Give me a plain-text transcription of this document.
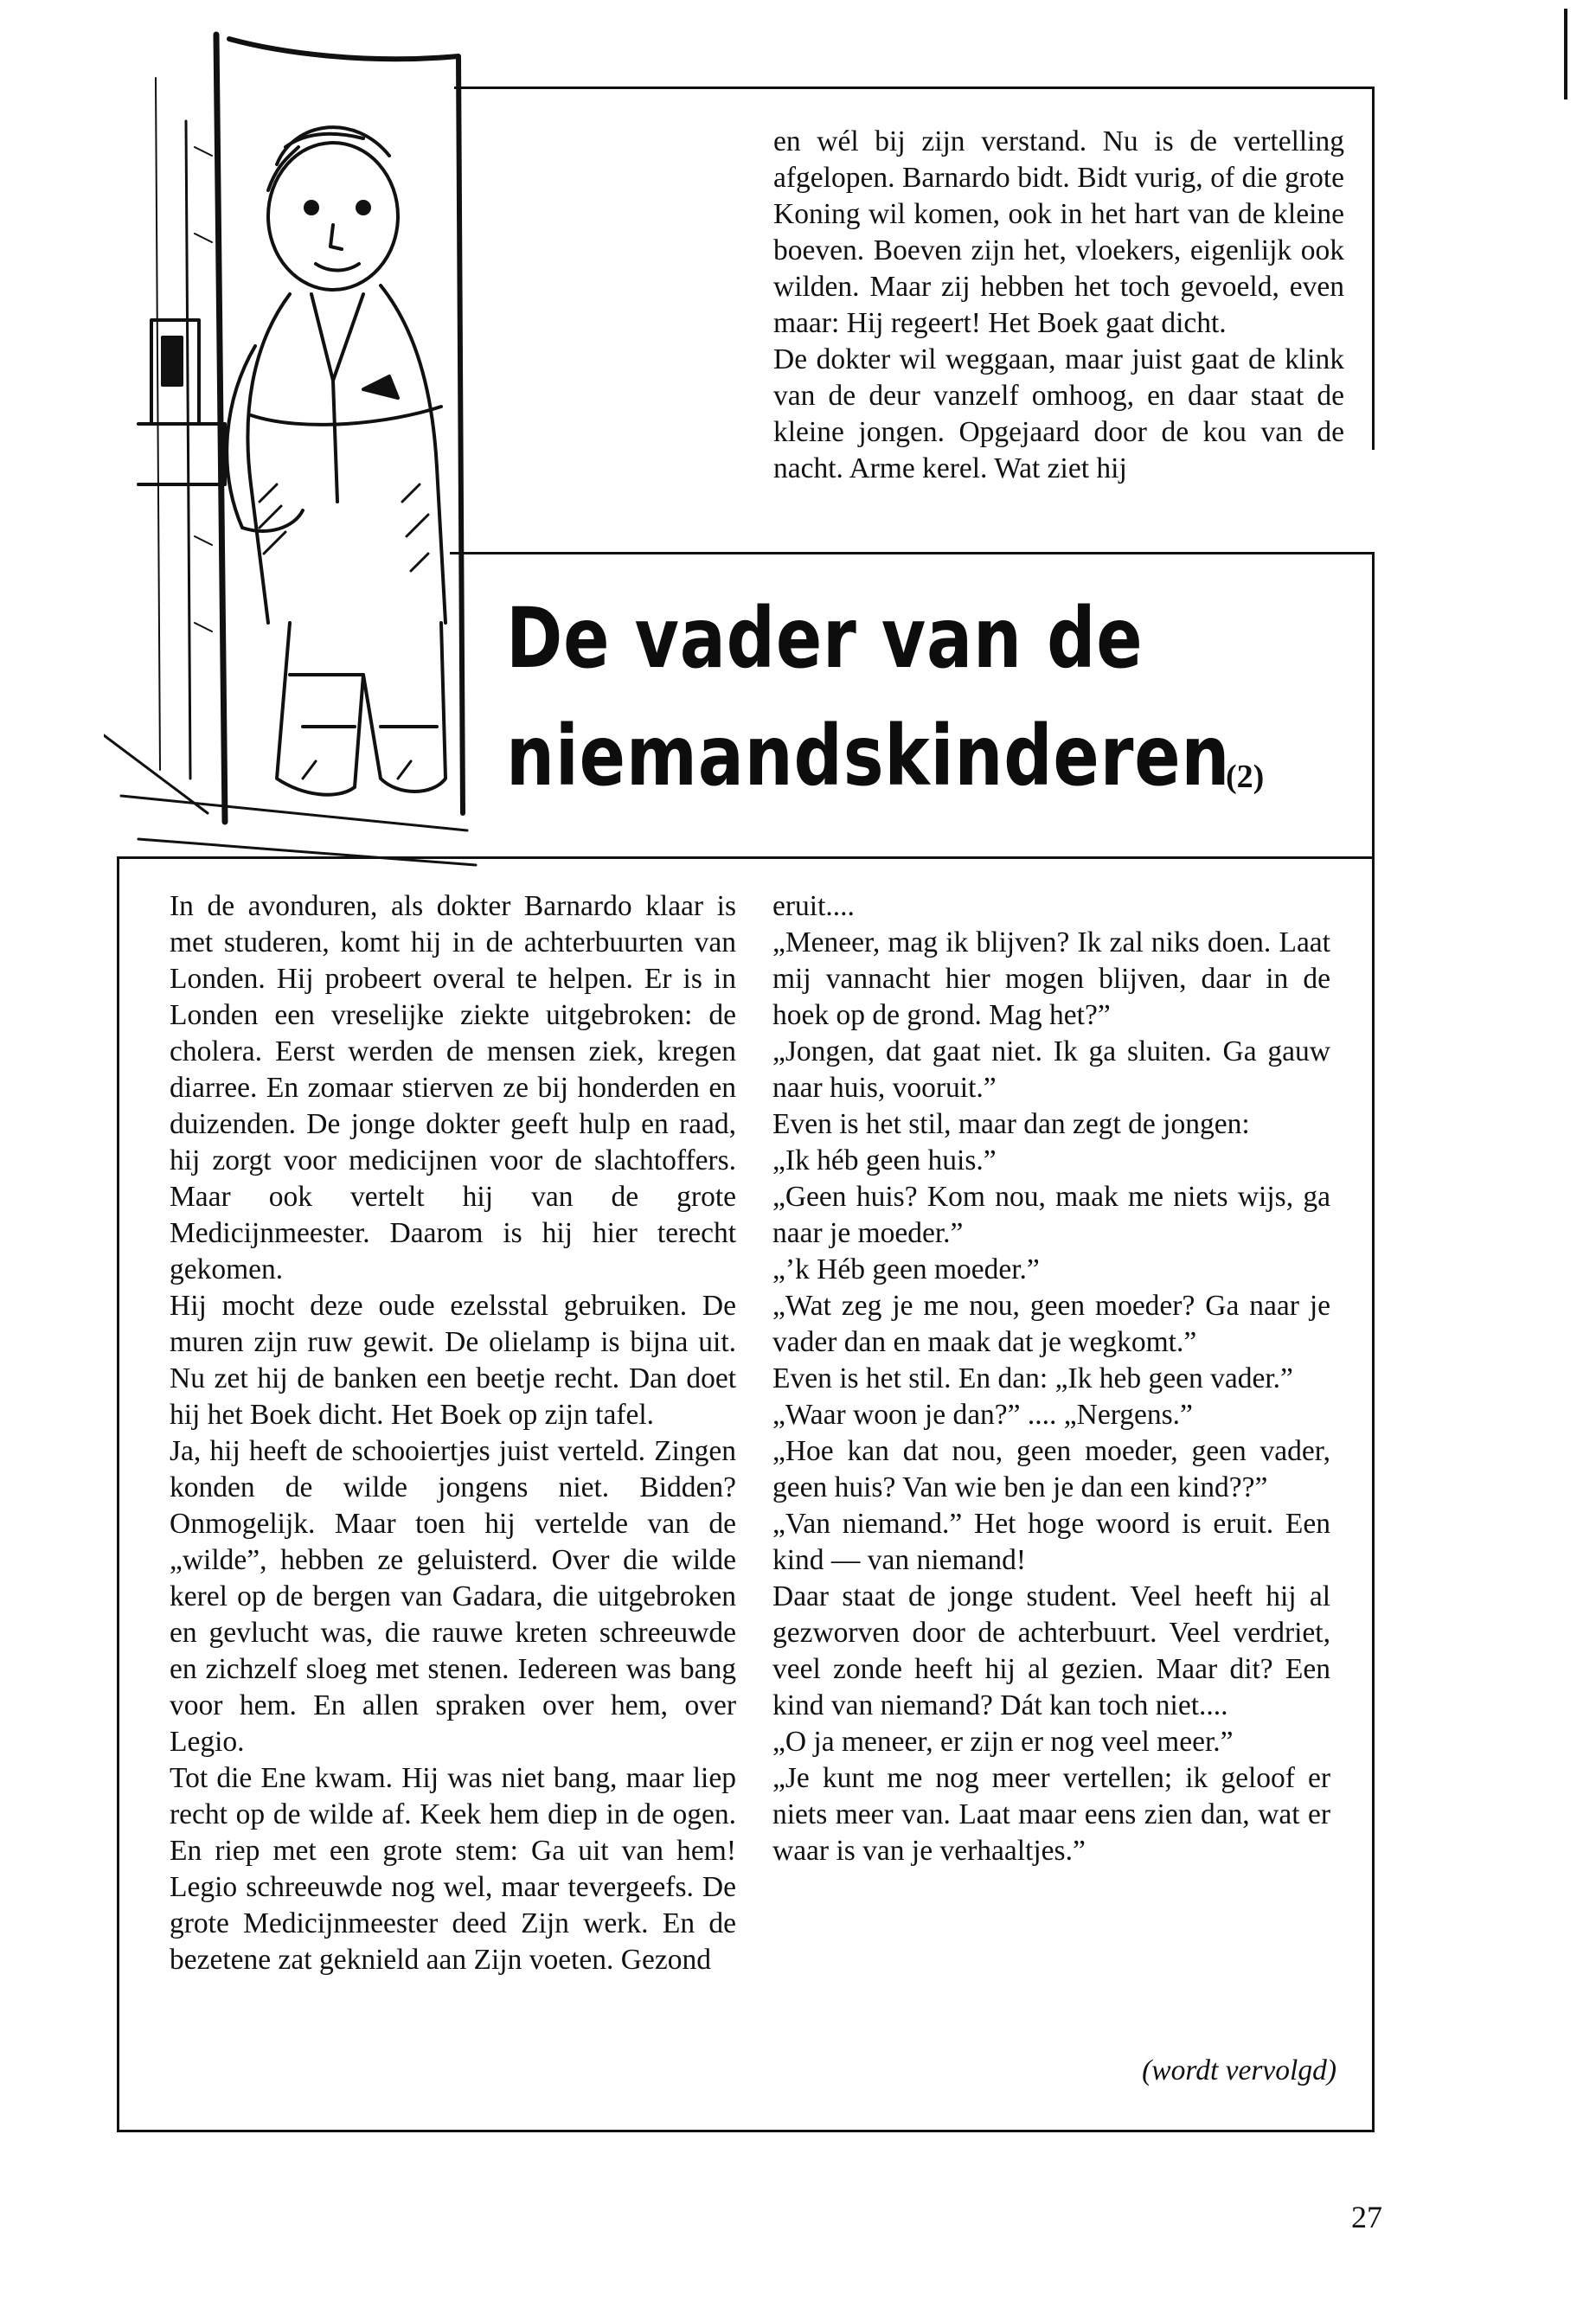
en wél bij zijn verstand. Nu is de vertelling afgelopen. Barnardo bidt. Bidt vurig, of die grote Koning wil komen, ook in het hart van de kleine boeven. Boeven zijn het, vloekers, eigenlijk ook wilden. Maar zij hebben het toch gevoeld, even maar: Hij regeert! Het Boek gaat dicht.

De dokter wil weggaan, maar juist gaat de klink van de deur vanzelf omhoog, en daar staat de kleine jongen. Opgejaard door de kou van de nacht. Arme kerel. Wat ziet hij

De vader van de
niemandskinderen
(2)

In de avonduren, als dokter Barnardo klaar is met studeren, komt hij in de achterbuurten van Londen. Hij probeert overal te helpen. Er is in Londen een vreselijke ziekte uitgebroken: de cholera. Eerst werden de mensen ziek, kregen diarree. En zomaar stierven ze bij honderden en duizenden. De jonge dokter geeft hulp en raad, hij zorgt voor medicijnen voor de slachtoffers. Maar ook vertelt hij van de grote Medicijnmeester. Daarom is hij hier terecht gekomen.

Hij mocht deze oude ezelsstal gebruiken. De muren zijn ruw gewit. De olielamp is bijna uit. Nu zet hij de banken een beetje recht. Dan doet hij het Boek dicht. Het Boek op zijn tafel.

Ja, hij heeft de schooiertjes juist verteld. Zingen konden de wilde jongens niet. Bidden? Onmogelijk. Maar toen hij vertelde van de „wilde”, hebben ze geluisterd. Over die wilde kerel op de bergen van Gadara, die uitgebroken en gevlucht was, die rauwe kreten schreeuwde en zichzelf sloeg met stenen. Iedereen was bang voor hem. En allen spraken over hem, over Legio.

Tot die Ene kwam. Hij was niet bang, maar liep recht op de wilde af. Keek hem diep in de ogen. En riep met een grote stem: Ga uit van hem! Legio schreeuwde nog wel, maar tevergeefs. De grote Medicijnmeester deed Zijn werk. En de bezetene zat geknield aan Zijn voeten. Gezond

eruit....

„Meneer, mag ik blijven? Ik zal niks doen. Laat mij vannacht hier mogen blijven, daar in de hoek op de grond. Mag het?”

„Jongen, dat gaat niet. Ik ga sluiten. Ga gauw naar huis, vooruit.”

Even is het stil, maar dan zegt de jongen:

„Ik héb geen huis.”

„Geen huis? Kom nou, maak me niets wijs, ga naar je moeder.”

„’k Héb geen moeder.”

„Wat zeg je me nou, geen moeder? Ga naar je vader dan en maak dat je wegkomt.”

Even is het stil. En dan: „Ik heb geen vader.”

„Waar woon je dan?” .... „Nergens.”

„Hoe kan dat nou, geen moeder, geen vader, geen huis? Van wie ben je dan een kind??”

„Van niemand.” Het hoge woord is eruit. Een kind — van niemand!

Daar staat de jonge student. Veel heeft hij al gezworven door de achterbuurt. Veel verdriet, veel zonde heeft hij al gezien. Maar dit? Een kind van niemand? Dát kan toch niet....

„O ja meneer, er zijn er nog veel meer.”

„Je kunt me nog meer vertellen; ik geloof er niets meer van. Laat maar eens zien dan, wat er waar is van je verhaaltjes.”

(wordt vervolgd)
27
